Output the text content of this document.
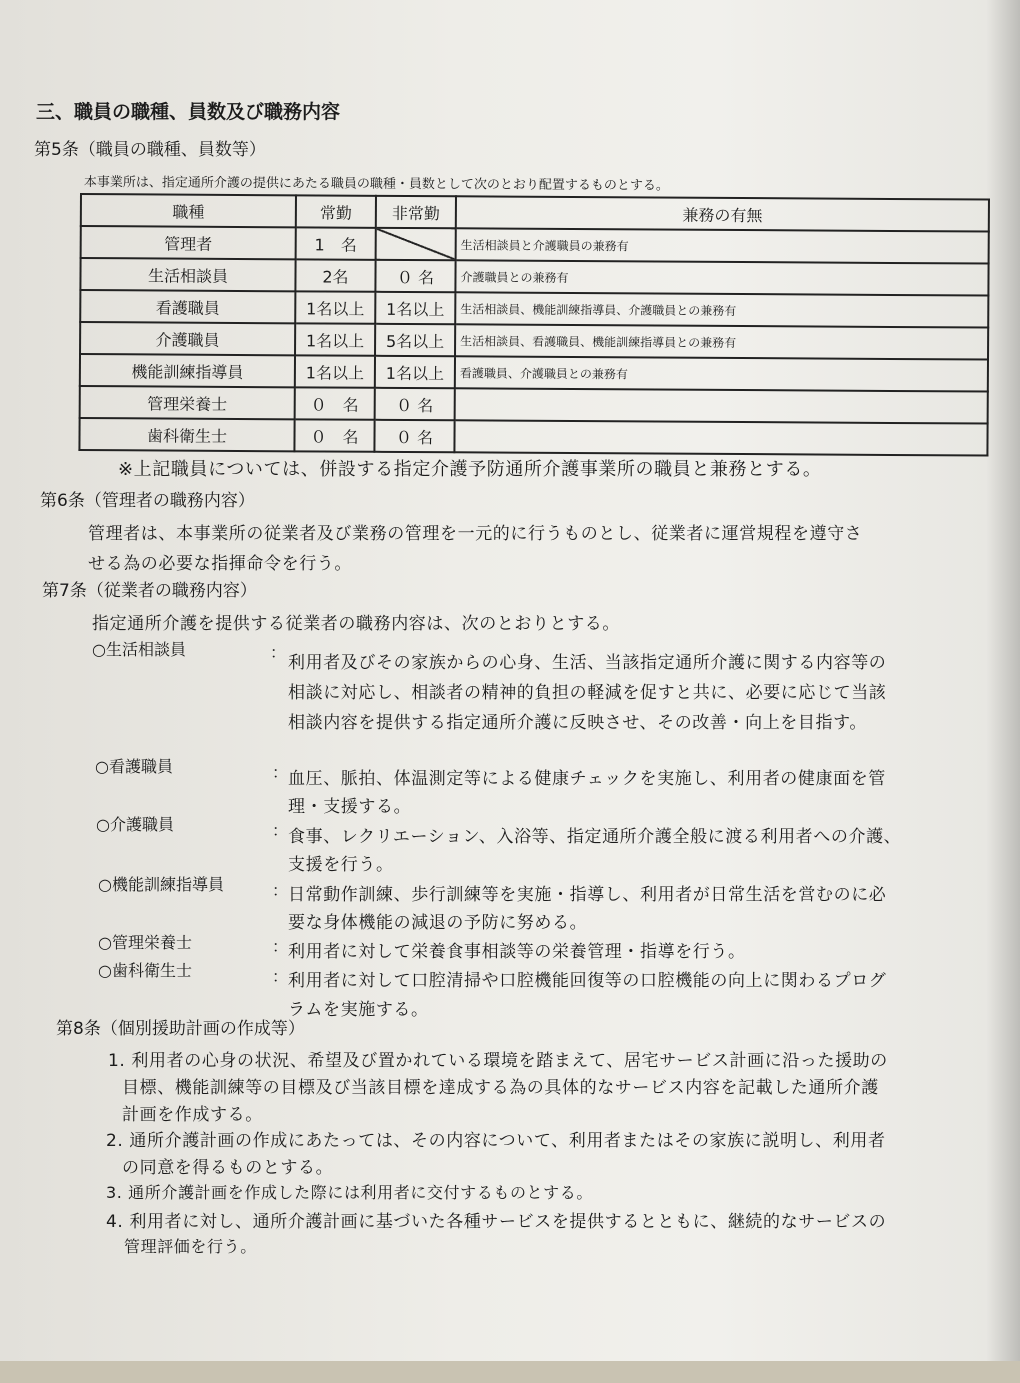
三、職員の職種、員数及び職務内容
第5条（職員の職種、員数等）
本事業所は、指定通所介護の提供にあたる職員の職種・員数として次のとおり配置するものとする。
職種	常勤	非常勤	兼務の有無
管理者	1　名		生活相談員と介護職員の兼務有
生活相談員	2名	０ 名	介護職員との兼務有
看護職員	1名以上	1名以上	生活相談員、機能訓練指導員、介護職員との兼務有
介護職員	1名以上	5名以上	生活相談員、看護職員、機能訓練指導員との兼務有
機能訓練指導員	1名以上	1名以上	看護職員、介護職員との兼務有
管理栄養士	０　名	０ 名	
歯科衛生士	０　名	０ 名	
※上記職員については、併設する指定介護予防通所介護事業所の職員と兼務とする。
第6条（管理者の職務内容）
管理者は、本事業所の従業者及び業務の管理を一元的に行うものとし、従業者に運営規程を遵守さ
せる為の必要な指揮命令を行う。
第7条（従業者の職務内容）
指定通所介護を提供する従業者の職務内容は、次のとおりとする。
○生活相談員	：
利用者及びその家族からの心身、生活、当該指定通所介護に関する内容等の
相談に対応し、相談者の精神的負担の軽減を促すと共に、必要に応じて当該
相談内容を提供する指定通所介護に反映させ、その改善・向上を目指す。
○看護職員	： 血圧、脈拍、体温測定等による健康チェックを実施し、利用者の健康面を管
理・支援する。
○介護職員	： 食事、レクリエーション、入浴等、指定通所介護全般に渡る利用者への介護、
支援を行う。
○機能訓練指導員	： 日常動作訓練、歩行訓練等を実施・指導し、利用者が日常生活を営むのに必
要な身体機能の減退の予防に努める。
○管理栄養士	： 利用者に対して栄養食事相談等の栄養管理・指導を行う。
○歯科衛生士	： 利用者に対して口腔清掃や口腔機能回復等の口腔機能の向上に関わるプログ
ラムを実施する。
第8条（個別援助計画の作成等）
1. 利用者の心身の状況、希望及び置かれている環境を踏まえて、居宅サービス計画に沿った援助の
目標、機能訓練等の目標及び当該目標を達成する為の具体的なサービス内容を記載した通所介護
計画を作成する。
2. 通所介護計画の作成にあたっては、その内容について、利用者またはその家族に説明し、利用者
の同意を得るものとする。
3. 通所介護計画を作成した際には利用者に交付するものとする。
4. 利用者に対し、通所介護計画に基づいた各種サービスを提供するとともに、継続的なサービスの
管理評価を行う。
